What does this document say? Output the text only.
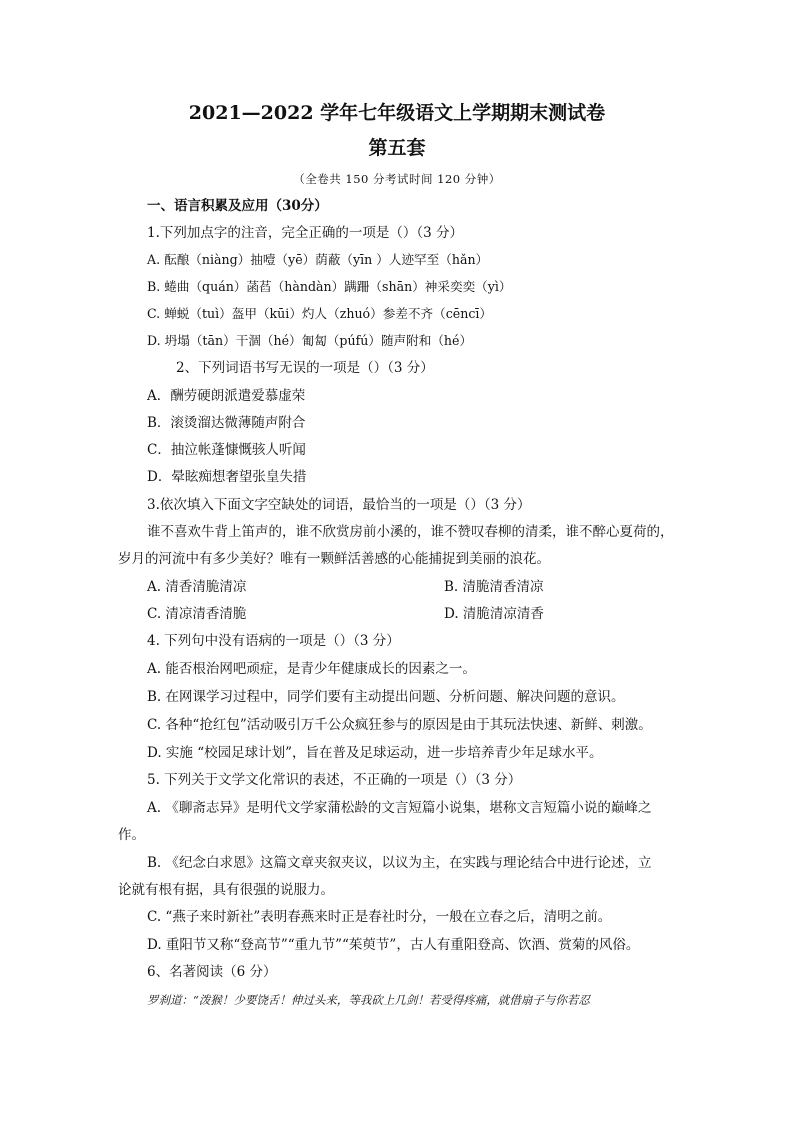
2021—2022 学年七年级语文上学期期末测试卷
第五套
（全卷共 150 分考试时间 120 分钟）
一、语言积累及应用（30分）
1.下列加点字的注音，完全正确的一项是（）（3 分）
A. 酝酿（niàng）抽噎（yē）荫蔽（yīn ）人迹罕至（hǎn）
B. 蜷曲（quán）菡萏（hàndàn）蹒跚（shān）神采奕奕（yì）
C. 蝉蜕（tuì）盔甲（kūi）灼人（zhuó）参差不齐（cēncī）
D. 坍塌（tān）干涸（hé）匍匐（púfú）随声附和（hé）
2、下列词语书写无误的一项是（）（3 分）
A．酬劳硬朗派遣爱慕虚荣
B．滚烫溜达微薄随声附合
C．抽泣帐蓬慷慨骇人听闻
D．晕眩痴想奢望张皇失措
3.依次填入下面文字空缺处的词语，最恰当的一项是（）（3 分）
谁不喜欢牛背上笛声的，谁不欣赏房前小溪的，谁不赞叹春柳的清柔，谁不醉心夏荷的，
岁月的河流中有多少美好？唯有一颗鲜活善感的心能捕捉到美丽的浪花。
A. 清香清脆清凉	B. 清脆清香清凉
C. 清凉清香清脆	D. 清脆清凉清香
4. 下列句中没有语病的一项是（）（3 分）
A. 能否根治网吧顽症，是青少年健康成长的因素之一。
B. 在网课学习过程中，同学们要有主动提出问题、分析问题、解决问题的意识。
C. 各种“抢红包”活动吸引万千公众疯狂参与的原因是由于其玩法快速、新鲜、刺激。
D. 实施 “校园足球计划”，旨在普及足球运动，进一步培养青少年足球水平。
5. 下列关于文学文化常识的表述，不正确的一项是（）（3 分）
A. 《聊斋志异》是明代文学家蒲松龄的文言短篇小说集，堪称文言短篇小说的巅峰之
作。
B. 《纪念白求恩》这篇文章夹叙夹议，以议为主，在实践与理论结合中进行论述，立
论就有根有据，具有很强的说服力。
C. “燕子来时新社”表明春燕来时正是春社时分，一般在立春之后，清明之前。
D. 重阳节又称“登高节”“重九节”“茱萸节”，古人有重阳登高、饮酒、赏菊的风俗。
6、名著阅读（6 分）
罗刹道：“泼猴！少要饶舌！伸过头来，等我砍上几剑！若受得疼痛，就借扇子与你若忍
